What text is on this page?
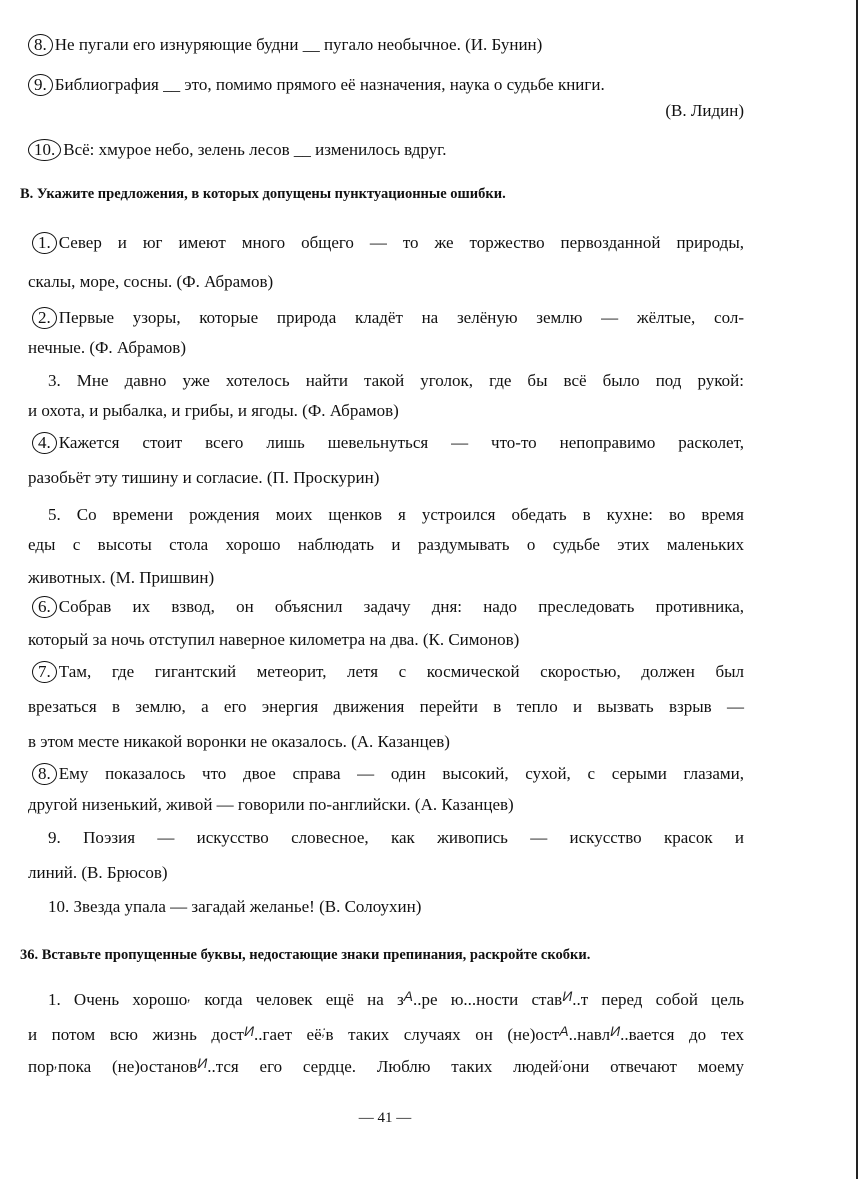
8. Не пугали его изнуряющие будни __ пугало необычное. (И. Бунин)
9. Библиография __ это, помимо прямого её назначения, наука о судьбе книги.
(В. Лидин)
10. Всё: хмурое небо, зелень лесов __ изменилось вдруг.
В. Укажите предложения, в которых допущены пунктуационные ошибки.
1. Север и юг имеют много общего — то же торжество первозданной природы,
скалы, море, сосны. (Ф. Абрамов)
2. Первые узоры, которые природа кладёт на зелёную землю — жёлтые, сол-
нечные. (Ф. Абрамов)
3. Мне давно уже хотелось найти такой уголок, где бы всё было под рукой:
и охота, и рыбалка, и грибы, и ягоды. (Ф. Абрамов)
4. Кажется стоит всего лишь шевельнуться — что-то непоправимо расколет,
разобьёт эту тишину и согласие. (П. Проскурин)
5. Со времени рождения моих щенков я устроился обедать в кухне: во время
еды с высоты стола хорошо наблюдать и раздумывать о судьбе этих маленьких
животных. (М. Пришвин)
6. Собрав их взвод, он объяснил задачу дня: надо преследовать противника,
который за ночь отступил наверное километра на два. (К. Симонов)
7. Там, где гигантский метеорит, летя с космической скоростью, должен был
врезаться в землю, а его энергия движения перейти в тепло и вызвать взрыв —
в этом месте никакой воронки не оказалось. (А. Казанцев)
8. Ему показалось что двое справа — один высокий, сухой, с серыми глазами,
другой низенький, живой — говорили по-английски. (А. Казанцев)
9. Поэзия — искусство словесное, как живопись — искусство красок и
линий. (В. Брюсов)
10. Звезда упала — загадай желанье! (В. Солоухин)
36. Вставьте пропущенные буквы, недостающие знаки препинания, раскройте скобки.
1. Очень хорошо, когда человек ещё на $з^А..ре$ ю...ности став$^И$..т перед собой цель
и потом всю жизнь дост$^И$..гает её;в таких случаях он (не)ост$^А$..навл$^И$..вается до тех
пор,пока (не)останов$^И$..тся его сердце. Люблю таких людей;они отвечают моему
— 41 —
